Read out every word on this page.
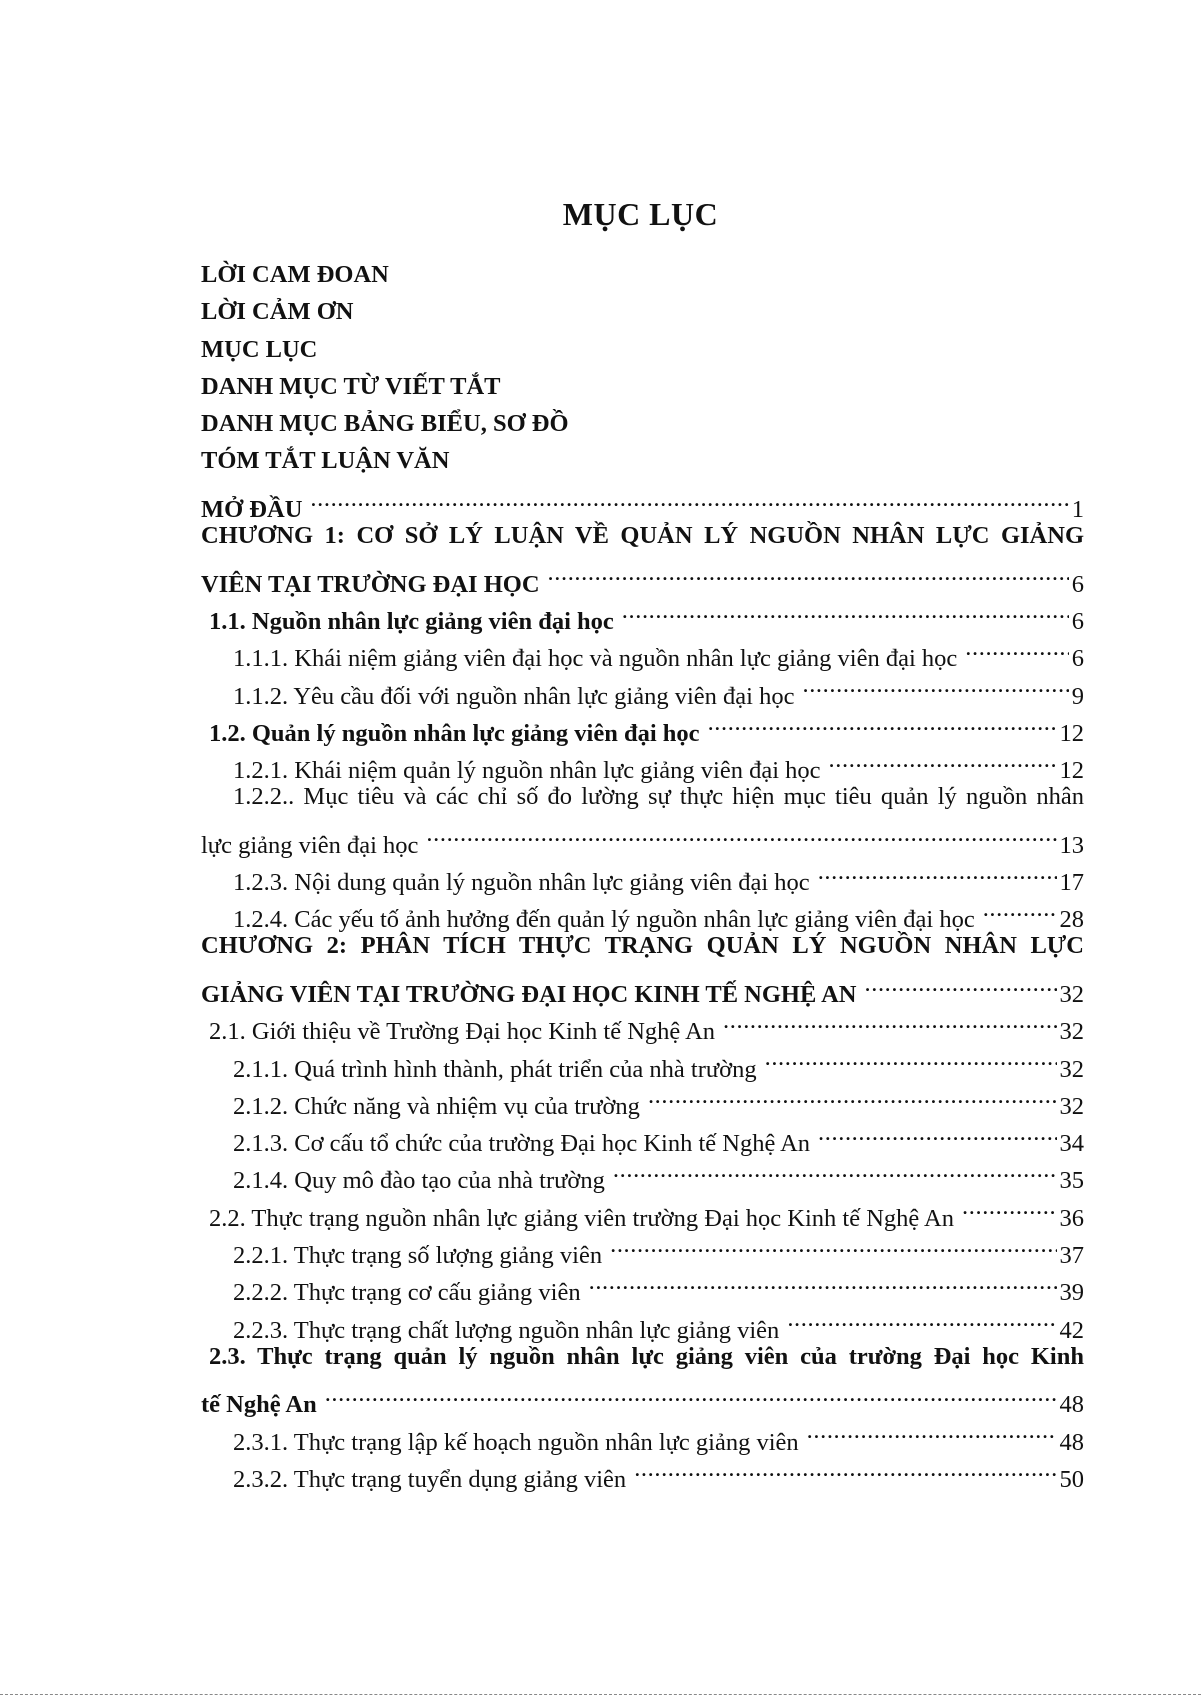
MỤC LỤC
LỜI CAM ĐOAN
LỜI CẢM ƠN
MỤC LỤC
DANH MỤC TỪ VIẾT TẮT
DANH MỤC BẢNG BIỂU, SƠ ĐỒ
TÓM TẮT LUẬN VĂN
MỞ ĐẦU .....	1
CHƯƠNG 1: CƠ SỞ LÝ LUẬN VỀ QUẢN LÝ NGUỒN NHÂN LỰC GIẢNG
VIÊN TẠI TRƯỜNG ĐẠI HỌC .....	6
1.1. Nguồn nhân lực giảng viên đại học .....	6
1.1.1. Khái niệm giảng viên đại học và nguồn nhân lực giảng viên đại học .....	6
1.1.2. Yêu cầu đối với nguồn nhân lực giảng viên đại học .....	9
1.2. Quản lý nguồn nhân lực giảng viên đại học .....	12
1.2.1. Khái niệm quản lý nguồn nhân lực giảng viên đại học .....	12
1.2.2.. Mục tiêu và các chỉ số đo lường sự thực hiện mục tiêu quản lý nguồn nhân
lực giảng viên đại học .....	13
1.2.3. Nội dung quản lý nguồn nhân lực giảng viên đại học .....	17
1.2.4. Các yếu tố ảnh hưởng đến quản lý nguồn nhân lực giảng viên đại học .....	28
CHƯƠNG 2: PHÂN TÍCH THỰC TRẠNG QUẢN LÝ NGUỒN NHÂN LỰC
GIẢNG VIÊN TẠI TRƯỜNG ĐẠI HỌC KINH TẾ NGHỆ AN .....	32
2.1. Giới thiệu về Trường Đại học Kinh tế Nghệ An .....	32
2.1.1. Quá trình hình thành, phát triển của nhà trường .....	32
2.1.2. Chức năng và nhiệm vụ của trường .....	32
2.1.3. Cơ cấu tổ chức của trường Đại học Kinh tế Nghệ An .....	34
2.1.4. Quy mô đào tạo của nhà trường .....	35
2.2. Thực trạng nguồn nhân lực giảng viên trường Đại học Kinh tế Nghệ An .....	36
2.2.1. Thực trạng số lượng giảng viên .....	37
2.2.2. Thực trạng cơ cấu giảng viên .....	39
2.2.3. Thực trạng chất lượng nguồn nhân lực giảng viên .....	42
2.3. Thực trạng quản lý nguồn nhân lực giảng viên của trường Đại học Kinh
tế Nghệ An .....	48
2.3.1. Thực trạng lập kế hoạch nguồn nhân lực giảng viên .....	48
2.3.2. Thực trạng tuyển dụng giảng viên .....	50
